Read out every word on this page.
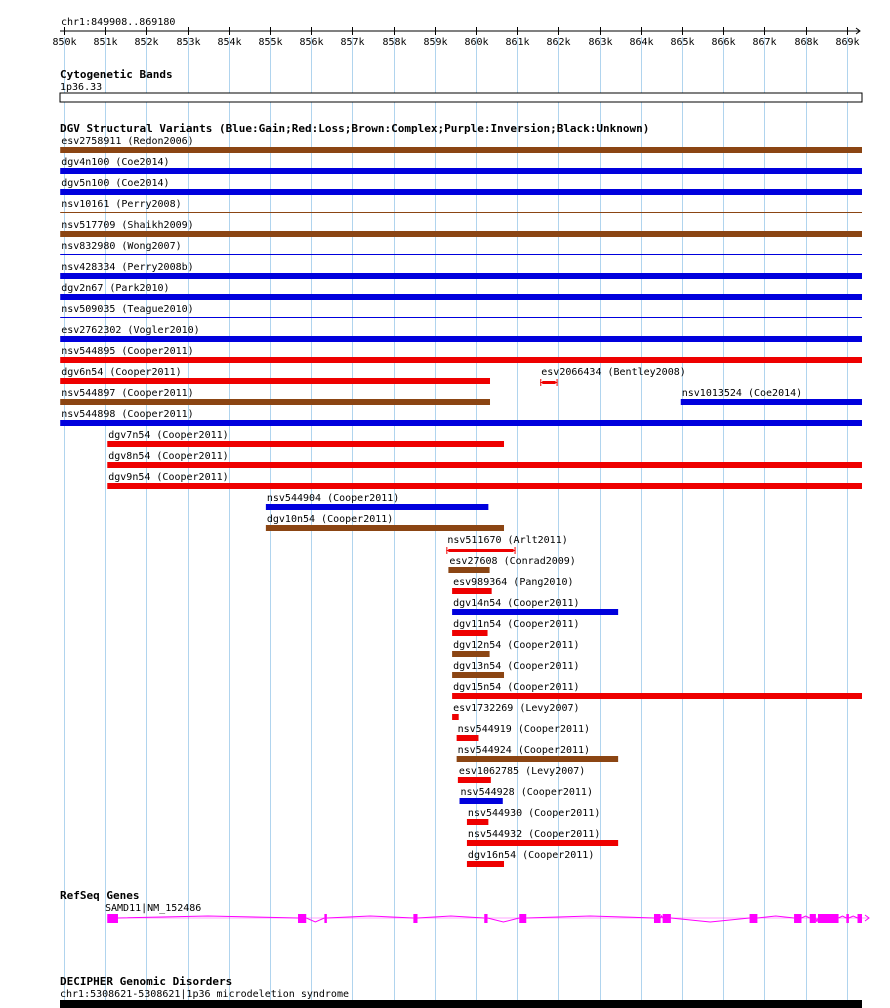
chr1:849908..869180
850k 851k 852k 853k 854k 855k 856k 857k 858k 859k 860k 861k 862k 863k 864k 865k 866k 867k 868k 869k
Cytogenetic Bands
1p36.33
DGV Structural Variants (Blue:Gain;Red:Loss;Brown:Complex;Purple:Inversion;Black:Unknown)
esv2758911 (Redon2006)
dgv4n100 (Coe2014)
dgv5n100 (Coe2014)
nsv10161 (Perry2008)
nsv517709 (Shaikh2009)
nsv832980 (Wong2007)
nsv428334 (Perry2008b)
dgv2n67 (Park2010)
nsv509035 (Teague2010)
esv2762302 (Vogler2010)
nsv544895 (Cooper2011)
dgv6n54 (Cooper2011)	esv2066434 (Bentley2008)
nsv544897 (Cooper2011)	nsv1013524 (Coe2014)
nsv544898 (Cooper2011)
dgv7n54 (Cooper2011)
dgv8n54 (Cooper2011)
dgv9n54 (Cooper2011)
nsv544904 (Cooper2011)
dgv10n54 (Cooper2011)
nsv511670 (Arlt2011)
esv27608 (Conrad2009)
esv989364 (Pang2010)
dgv14n54 (Cooper2011)
dgv11n54 (Cooper2011)
dgv12n54 (Cooper2011)
dgv13n54 (Cooper2011)
dgv15n54 (Cooper2011)
esv1732269 (Levy2007)
nsv544919 (Cooper2011)
nsv544924 (Cooper2011)
esv1062785 (Levy2007)
nsv544928 (Cooper2011)
nsv544930 (Cooper2011)
nsv544932 (Cooper2011)
dgv16n54 (Cooper2011)
RefSeq Genes
SAMD11|NM_152486
DECIPHER Genomic Disorders
chr1:5308621-5308621|1p36 microdeletion syndrome
